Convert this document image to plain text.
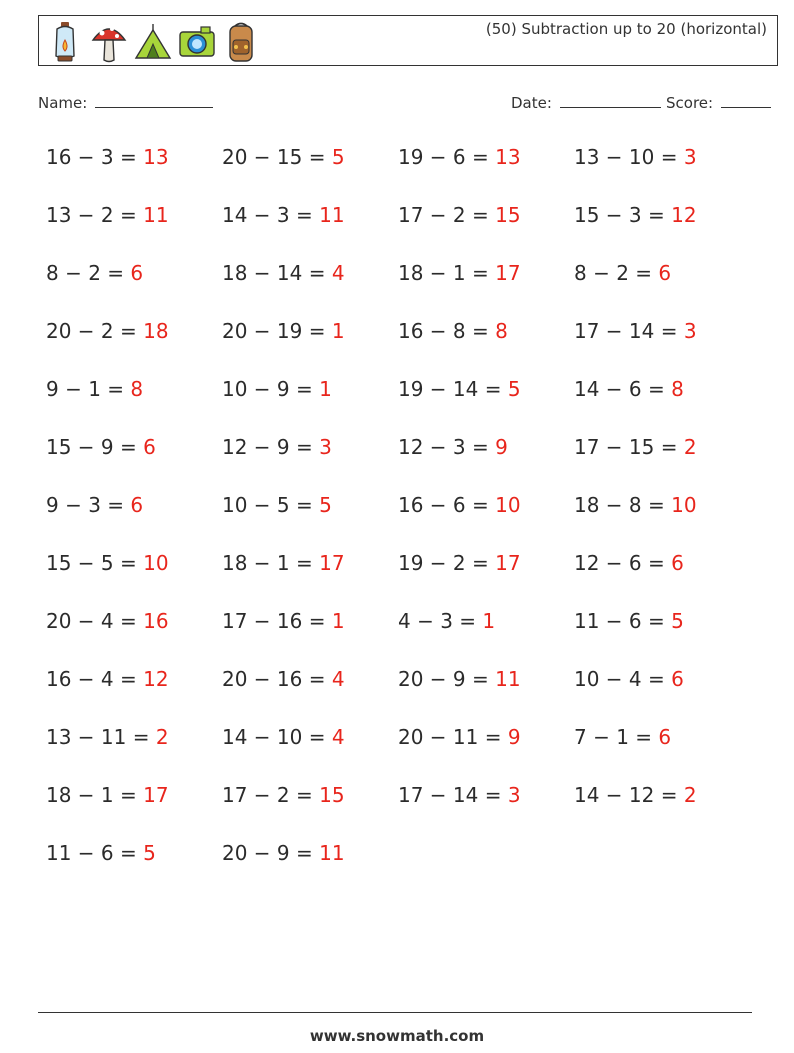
(50) Subtraction up to 20 (horizontal)
Name:	Date:	Score:
16 − 3 = 13	20 − 15 = 5	19 − 6 = 13	13 − 10 = 3
13 − 2 = 11	14 − 3 = 11	17 − 2 = 15	15 − 3 = 12
8 − 2 = 6	18 − 14 = 4	18 − 1 = 17	8 − 2 = 6
20 − 2 = 18	20 − 19 = 1	16 − 8 = 8	17 − 14 = 3
9 − 1 = 8	10 − 9 = 1	19 − 14 = 5	14 − 6 = 8
15 − 9 = 6	12 − 9 = 3	12 − 3 = 9	17 − 15 = 2
9 − 3 = 6	10 − 5 = 5	16 − 6 = 10	18 − 8 = 10
15 − 5 = 10	18 − 1 = 17	19 − 2 = 17	12 − 6 = 6
20 − 4 = 16	17 − 16 = 1	4 − 3 = 1	11 − 6 = 5
16 − 4 = 12	20 − 16 = 4	20 − 9 = 11	10 − 4 = 6
13 − 11 = 2	14 − 10 = 4	20 − 11 = 9	7 − 1 = 6
18 − 1 = 17	17 − 2 = 15	17 − 14 = 3	14 − 12 = 2
11 − 6 = 5	20 − 9 = 11
www.snowmath.com
